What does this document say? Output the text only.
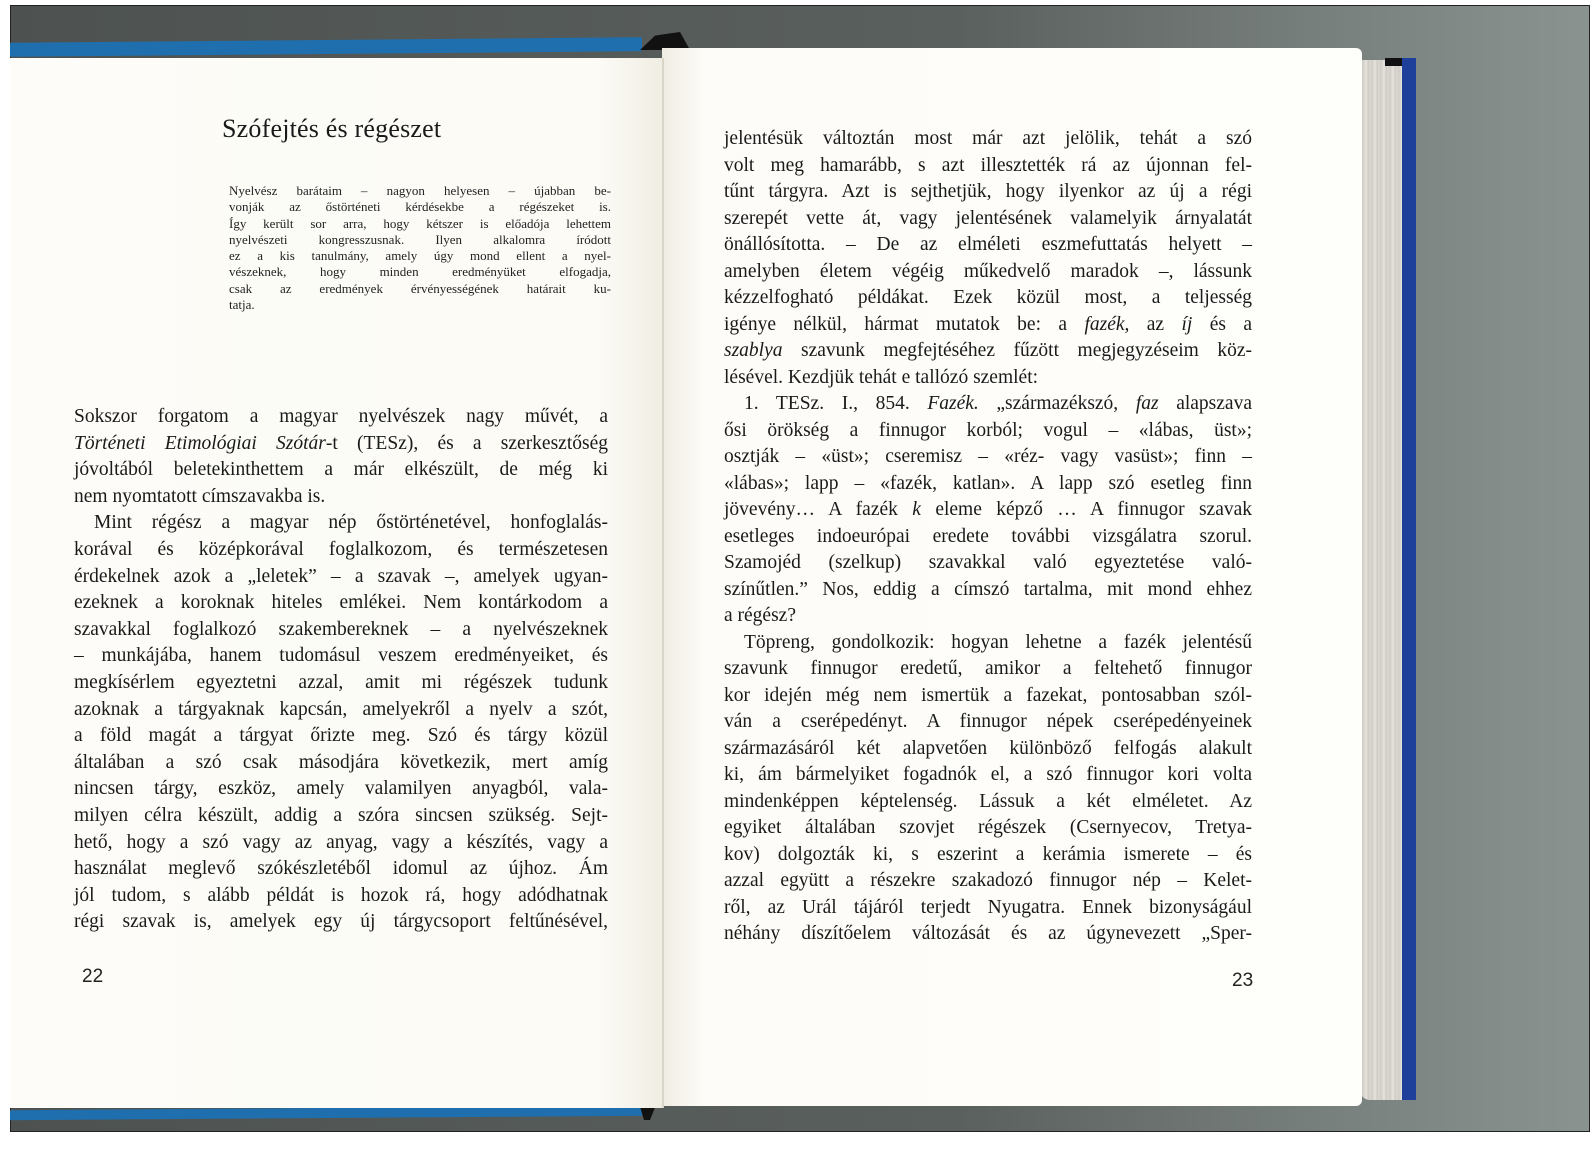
Szófejtés és régészet
Nyelvész barátaim – nagyon helyesen – újabban be-
vonják az őstörténeti kérdésekbe a régészeket is.
Így került sor arra, hogy kétszer is előadója lehettem
nyelvészeti kongresszusnak. Ilyen alkalomra íródott
ez a kis tanulmány, amely úgy mond ellent a nyel-
vészeknek, hogy minden eredményüket elfogadja,
csak az eredmények érvényességének határait ku-
tatja.
Sokszor forgatom a magyar nyelvészek nagy művét, a
Történeti Etimológiai Szótár-t (TESz), és a szerkesztőség
jóvoltából beletekinthettem a már elkészült, de még ki
nem nyomtatott címszavakba is.
Mint régész a magyar nép őstörténetével, honfoglalás-
korával és középkorával foglalkozom, és természetesen
érdekelnek azok a „leletek” – a szavak –, amelyek ugyan-
ezeknek a koroknak hiteles emlékei. Nem kontárkodom a
szavakkal foglalkozó szakembereknek – a nyelvészeknek
– munkájába, hanem tudomásul veszem eredményeiket, és
megkísérlem egyeztetni azzal, amit mi régészek tudunk
azoknak a tárgyaknak kapcsán, amelyekről a nyelv a szót,
a föld magát a tárgyat őrizte meg. Szó és tárgy közül
általában a szó csak másodjára következik, mert amíg
nincsen tárgy, eszköz, amely valamilyen anyagból, vala-
milyen célra készült, addig a szóra sincsen szükség. Sejt-
hető, hogy a szó vagy az anyag, vagy a készítés, vagy a
használat meglevő szókészletéből idomul az újhoz. Ám
jól tudom, s alább példát is hozok rá, hogy adódhatnak
régi szavak is, amelyek egy új tárgycsoport feltűnésével,
jelentésük változtán most már azt jelölik, tehát a szó
volt meg hamarább, s azt illesztették rá az újonnan fel-
tűnt tárgyra. Azt is sejthetjük, hogy ilyenkor az új a régi
szerepét vette át, vagy jelentésének valamelyik árnyalatát
önállósította. – De az elméleti eszmefuttatás helyett –
amelyben életem végéig műkedvelő maradok –, lássunk
kézzelfogható példákat. Ezek közül most, a teljesség
igénye nélkül, hármat mutatok be: a fazék, az íj és a
szablya szavunk megfejtéséhez fűzött megjegyzéseim köz-
lésével. Kezdjük tehát e tallózó szemlét:
1. TESz. I., 854. Fazék. „származékszó, faz alapszava
ősi örökség a finnugor korból; vogul – «lábas, üst»;
osztják – «üst»; cseremisz – «réz- vagy vasüst»; finn –
«lábas»; lapp – «fazék, katlan». A lapp szó esetleg finn
jövevény… A fazék k eleme képző … A finnugor szavak
esetleges indoeurópai eredete további vizsgálatra szorul.
Szamojéd (szelkup) szavakkal való egyeztetése való-
színűtlen.” Nos, eddig a címszó tartalma, mit mond ehhez
a régész?
Töpreng, gondolkozik: hogyan lehetne a fazék jelentésű
szavunk finnugor eredetű, amikor a feltehető finnugor
kor idején még nem ismertük a fazekat, pontosabban szól-
ván a cserépedényt. A finnugor népek cserépedényeinek
származásáról két alapvetően különböző felfogás alakult
ki, ám bármelyiket fogadnók el, a szó finnugor kori volta
mindenképpen képtelenség. Lássuk a két elméletet. Az
egyiket általában szovjet régészek (Csernyecov, Tretya-
kov) dolgozták ki, s eszerint a kerámia ismerete – és
azzal együtt a részekre szakadozó finnugor nép – Kelet-
ről, az Urál tájáról terjedt Nyugatra. Ennek bizonyságául
néhány díszítőelem változását és az úgynevezett „Sper-
22	23
